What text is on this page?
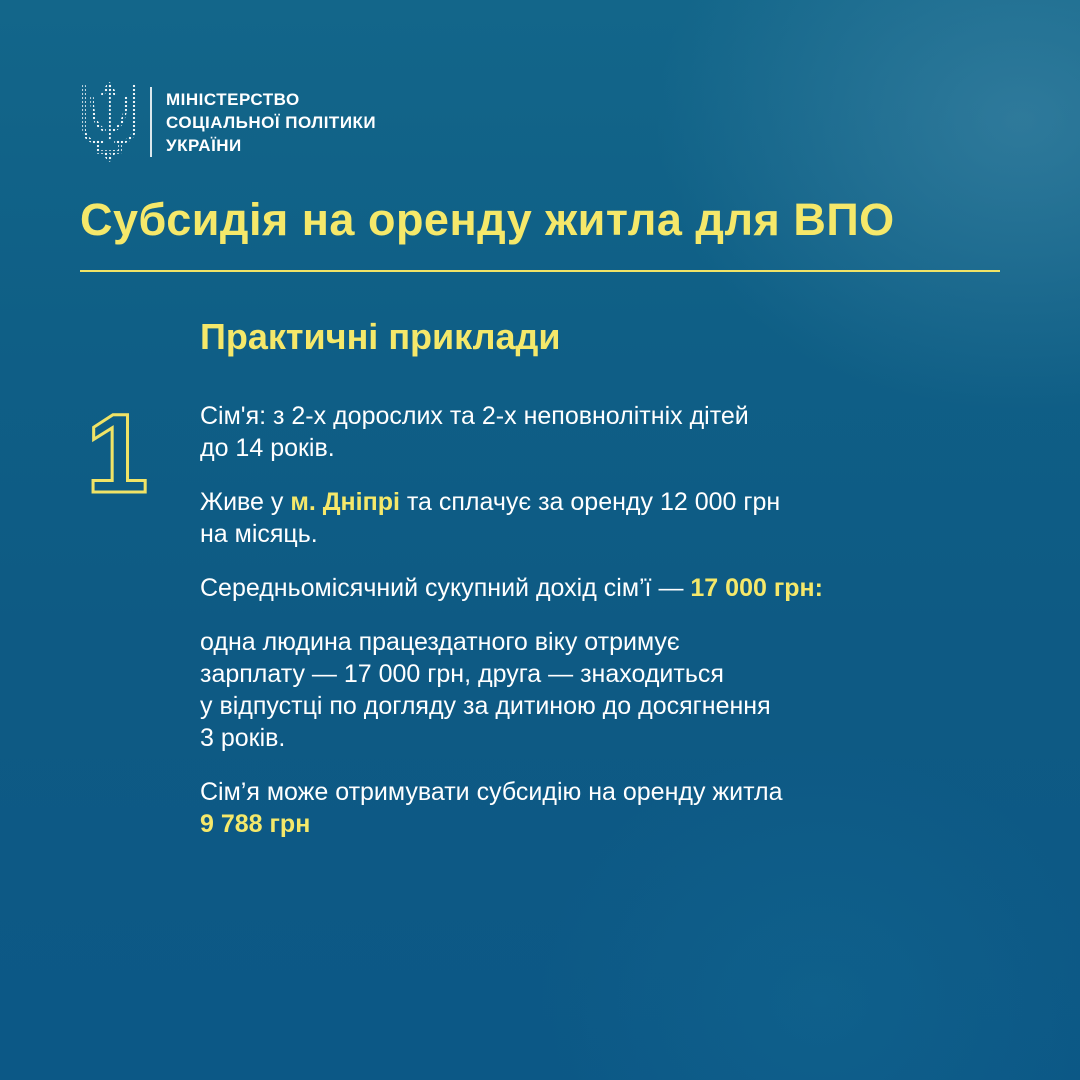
МІНІСТЕРСТВО
СОЦІАЛЬНОЇ ПОЛІТИКИ
УКРАЇНИ
Субсидія на оренду житла для ВПО
Практичні приклади
1 Сім'я: з 2-х дорослих та 2-х неповнолітніх дітей
до 14 років.

Живе у м. Дніпрі та сплачує за оренду 12 000 грн
на місяць.

Середньомісячний сукупний дохід сім’ї — 17 000 грн:

одна людина працездатного віку отримує
зарплату — 17 000 грн, друга — знаходиться
у відпустці по догляду за дитиною до досягнення
3 років.

Сім’я може отримувати субсидію на оренду житла
9 788 грн
